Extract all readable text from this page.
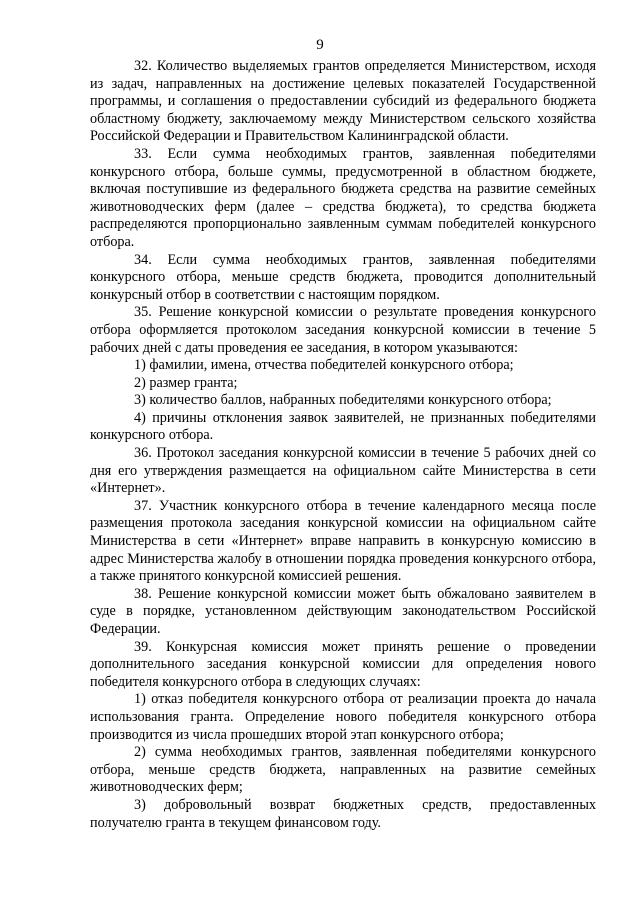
9

32. Количество выделяемых грантов определяется Министерством, исходя из задач, направленных на достижение целевых показателей Государственной программы, и соглашения о предоставлении субсидий из федерального бюджета областному бюджету, заключаемому между Министерством сельского хозяйства Российской Федерации и Правительством Калининградской области.

33. Если сумма необходимых грантов, заявленная победителями конкурсного отбора, больше суммы, предусмотренной в областном бюджете, включая поступившие из федерального бюджета средства на развитие семейных животноводческих ферм (далее – средства бюджета), то средства бюджета распределяются пропорционально заявленным суммам победителей конкурсного отбора.

34. Если сумма необходимых грантов, заявленная победителями конкурсного отбора, меньше средств бюджета, проводится дополнительный конкурсный отбор в соответствии с настоящим порядком.

35. Решение конкурсной комиссии о результате проведения конкурсного отбора оформляется протоколом заседания конкурсной комиссии в течение 5 рабочих дней с даты проведения ее заседания, в котором указываются:

1) фамилии, имена, отчества победителей конкурсного отбора;

2) размер гранта;

3) количество баллов, набранных победителями конкурсного отбора;

4) причины отклонения заявок заявителей, не признанных победителями конкурсного отбора.

36. Протокол заседания конкурсной комиссии в течение 5 рабочих дней со дня его утверждения размещается на официальном сайте Министерства в сети «Интернет».

37. Участник конкурсного отбора в течение календарного месяца после размещения протокола заседания конкурсной комиссии на официальном сайте Министерства в сети «Интернет» вправе направить в конкурсную комиссию в адрес Министерства жалобу в отношении порядка проведения конкурсного отбора, а также принятого конкурсной комиссией решения.

38. Решение конкурсной комиссии может быть обжаловано заявителем в суде в порядке, установленном действующим законодательством Российской Федерации.

39. Конкурсная комиссия может принять решение о проведении дополнительного заседания конкурсной комиссии для определения нового победителя конкурсного отбора в следующих случаях:

1) отказ победителя конкурсного отбора от реализации проекта до начала использования гранта. Определение нового победителя конкурсного отбора производится из числа прошедших второй этап конкурсного отбора;

2) сумма необходимых грантов, заявленная победителями конкурсного отбора, меньше средств бюджета, направленных на развитие семейных животноводческих ферм;

3) добровольный возврат бюджетных средств, предоставленных получателю гранта в текущем финансовом году.
